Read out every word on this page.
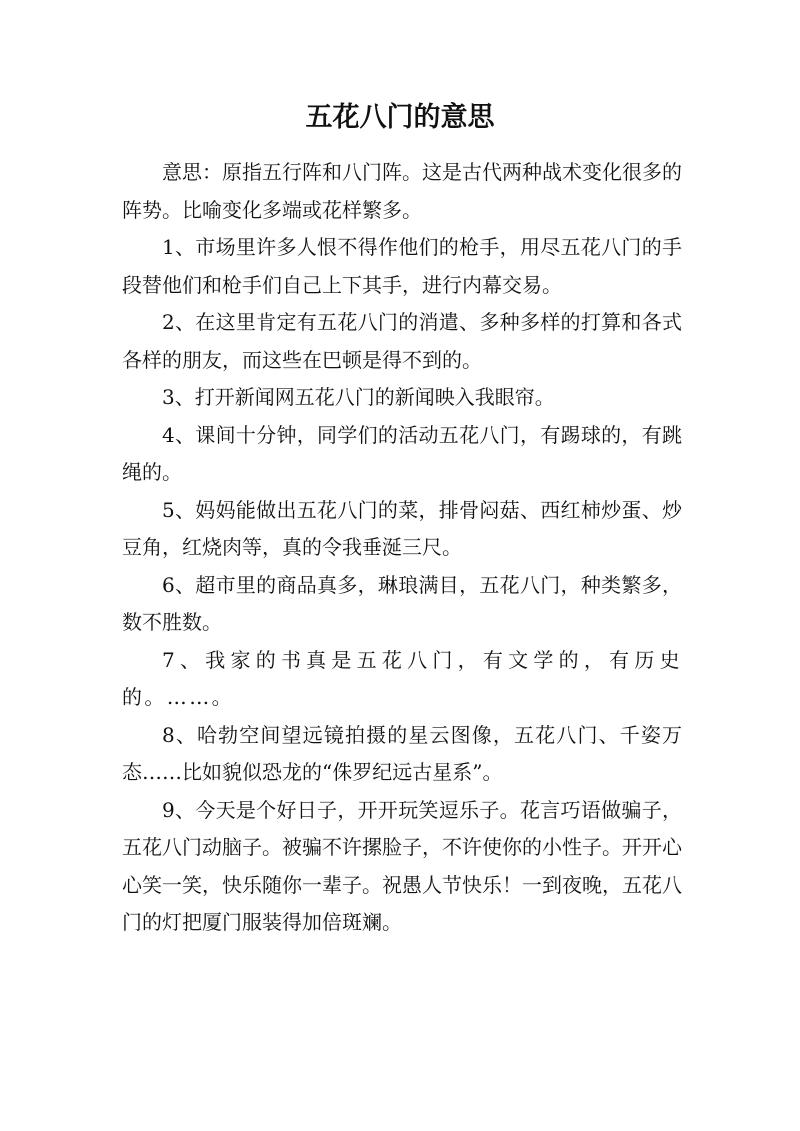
五花八门的意思

意思：原指五行阵和八门阵。这是古代两种战术变化很多的阵势。比喻变化多端或花样繁多。

1、市场里许多人恨不得作他们的枪手，用尽五花八门的手段替他们和枪手们自己上下其手，进行内幕交易。

2、在这里肯定有五花八门的消遣、多种多样的打算和各式各样的朋友，而这些在巴顿是得不到的。

3、打开新闻网五花八门的新闻映入我眼帘。

4、课间十分钟，同学们的活动五花八门，有踢球的，有跳绳的。

5、妈妈能做出五花八门的菜，排骨闷菇、西红柿炒蛋、炒豆角，红烧肉等，真的令我垂涎三尺。

6、超市里的商品真多，琳琅满目，五花八门，种类繁多，数不胜数。

7、我家的书真是五花八门，有文学的，有历史的。……。

8、哈勃空间望远镜拍摄的星云图像，五花八门、千姿万态……比如貌似恐龙的“侏罗纪远古星系”。

9、今天是个好日子，开开玩笑逗乐子。花言巧语做骗子，五花八门动脑子。被骗不许摞脸子，不许使你的小性子。开开心心笑一笑，快乐随你一辈子。祝愚人节快乐！一到夜晚，五花八门的灯把厦门服装得加倍斑斓。
